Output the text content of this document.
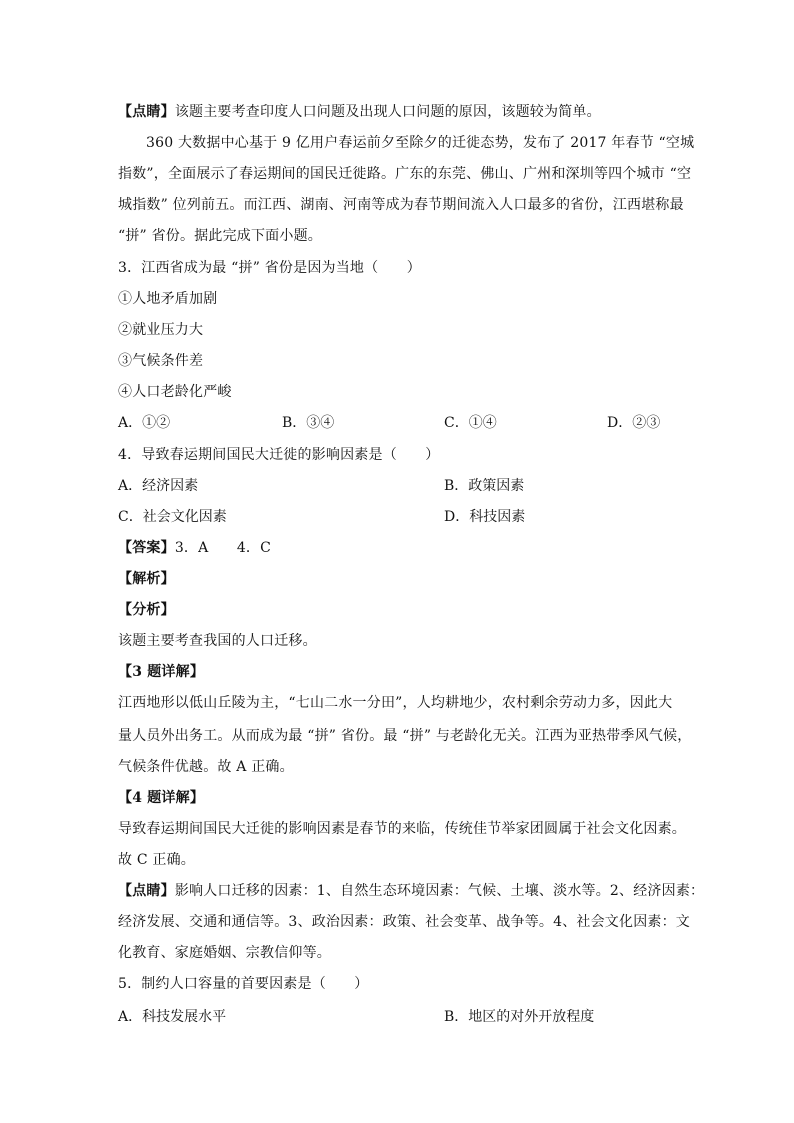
【点睛】该题主要考查印度人口问题及出现人口问题的原因，该题较为简单。
360 大数据中心基于 9 亿用户春运前夕至除夕的迁徙态势，发布了 2017 年春节 “空城
指数”，全面展示了春运期间的国民迁徙路。广东的东莞、佛山、广州和深圳等四个城市 “空
城指数” 位列前五。而江西、湖南、河南等成为春节期间流入人口最多的省份，江西堪称最
“拼” 省份。据此完成下面小题。
3．江西省成为最 “拼” 省份是因为当地（　　）
①人地矛盾加剧
②就业压力大
③气候条件差
④人口老龄化严峻
A．①②	B．③④	C．①④	D．②③
4．导致春运期间国民大迁徙的影响因素是（　　）
A．经济因素	B．政策因素
C．社会文化因素	D．科技因素
【答案】3．A　　4．C
【解析】
【分析】
该题主要考查我国的人口迁移。
【3 题详解】
江西地形以低山丘陵为主，“七山二水一分田”，人均耕地少，农村剩余劳动力多，因此大
量人员外出务工。从而成为最 “拼” 省份。最 “拼” 与老龄化无关。江西为亚热带季风气候，
气候条件优越。故 A 正确。
【4 题详解】
导致春运期间国民大迁徙的影响因素是春节的来临，传统佳节举家团圆属于社会文化因素。
故 C 正确。
【点睛】影响人口迁移的因素：1、自然生态环境因素：气候、土壤、淡水等。2、经济因素：
经济发展、交通和通信等。3、政治因素：政策、社会变革、战争等。4、社会文化因素：文
化教育、家庭婚姻、宗教信仰等。
5．制约人口容量的首要因素是（　　）
A．科技发展水平	B．地区的对外开放程度
